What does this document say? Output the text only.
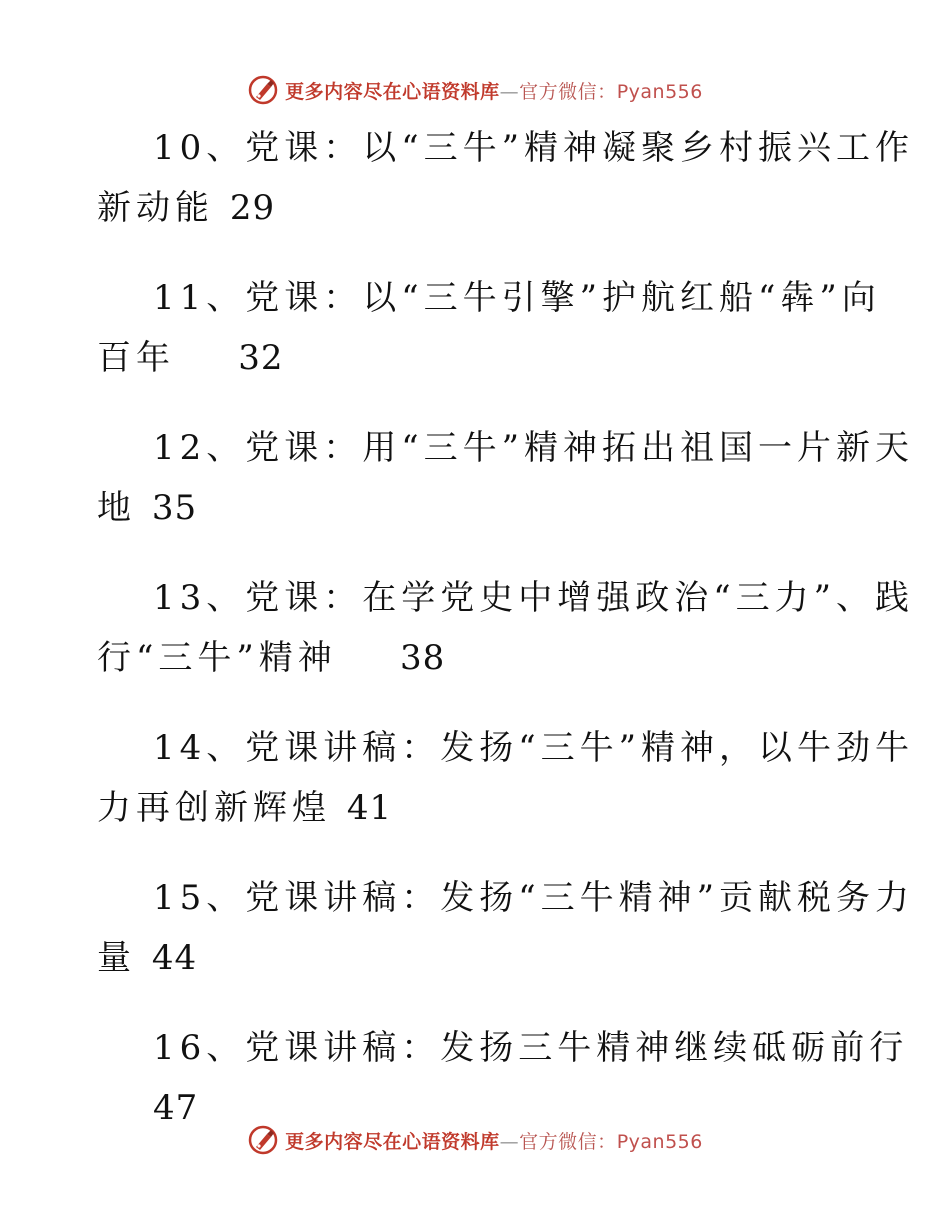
更多内容尽在心语资料库—官方微信：Pyan556
10、党课：以“三牛”精神凝聚乡村振兴工作
新动能 29
11、党课：以“三牛引擎”护航红船“犇”向
百年 32
12、党课：用“三牛”精神拓出祖国一片新天
地 35
13、党课：在学党史中增强政治“三力”、践
行“三牛”精神 38
14、党课讲稿：发扬“三牛”精神，以牛劲牛
力再创新辉煌 41
15、党课讲稿：发扬“三牛精神”贡献税务力
量 44
16、党课讲稿：发扬三牛精神继续砥砺前行
47
更多内容尽在心语资料库—官方微信：Pyan556
